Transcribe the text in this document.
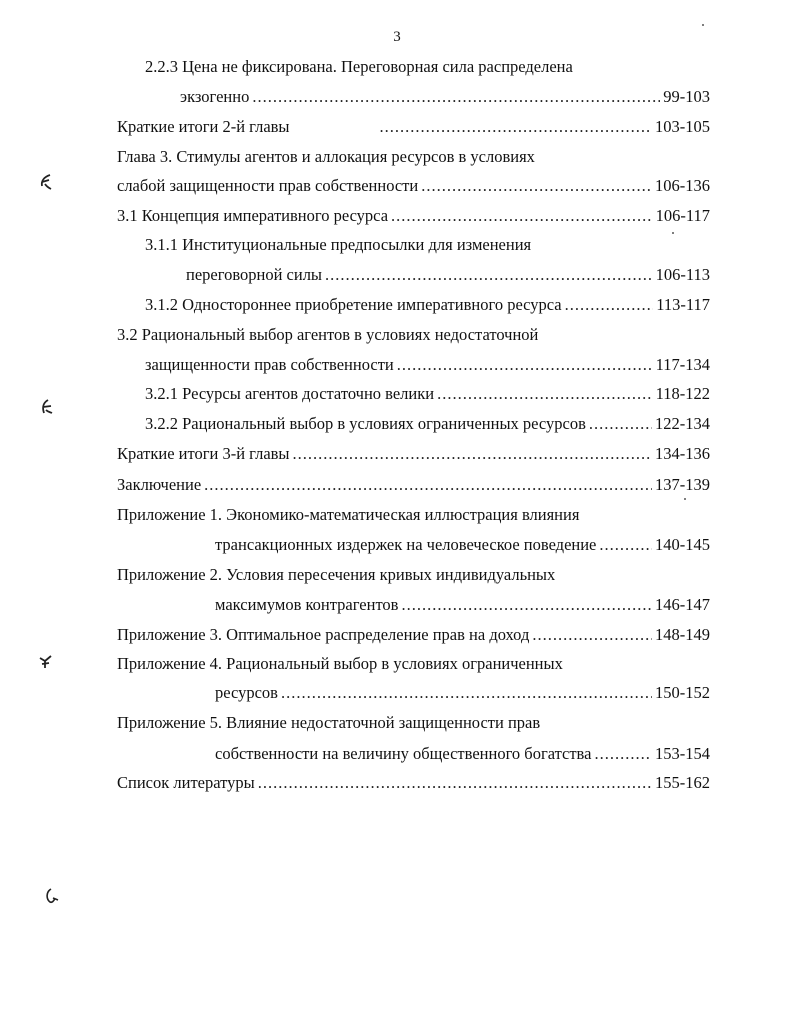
3
2.2.3 Цена не фиксирована. Переговорная сила распределена
экзогенно .....	99-103
Краткие итоги 2-й главы .....	103-105
Глава 3. Стимулы агентов и аллокация ресурсов в условиях
слабой защищенности прав собственности .....	106-136
3.1 Концепция императивного ресурса .....	106-117
3.1.1 Институциональные предпосылки для изменения
переговорной силы .....	106-113
3.1.2 Одностороннее приобретение императивного ресурса .....	113-117
3.2 Рациональный выбор агентов в условиях недостаточной
защищенности прав собственности .....	117-134
3.2.1 Ресурсы агентов достаточно велики .....	118-122
3.2.2 Рациональный выбор в условиях ограниченных ресурсов .....	122-134
Краткие итоги 3-й главы .....	134-136
Заключение .....	137-139
Приложение 1. Экономико-математическая иллюстрация влияния
трансакционных издержек на человеческое поведение .....	140-145
Приложение 2. Условия пересечения кривых индивидуальных
максимумов контрагентов .....	146-147
Приложение 3. Оптимальное распределение прав на доход .....	148-149
Приложение 4. Рациональный выбор в условиях ограниченных
ресурсов .....	150-152
Приложение 5. Влияние недостаточной защищенности прав
собственности на величину общественного богатства .....	153-154
Список литературы .....	155-162
